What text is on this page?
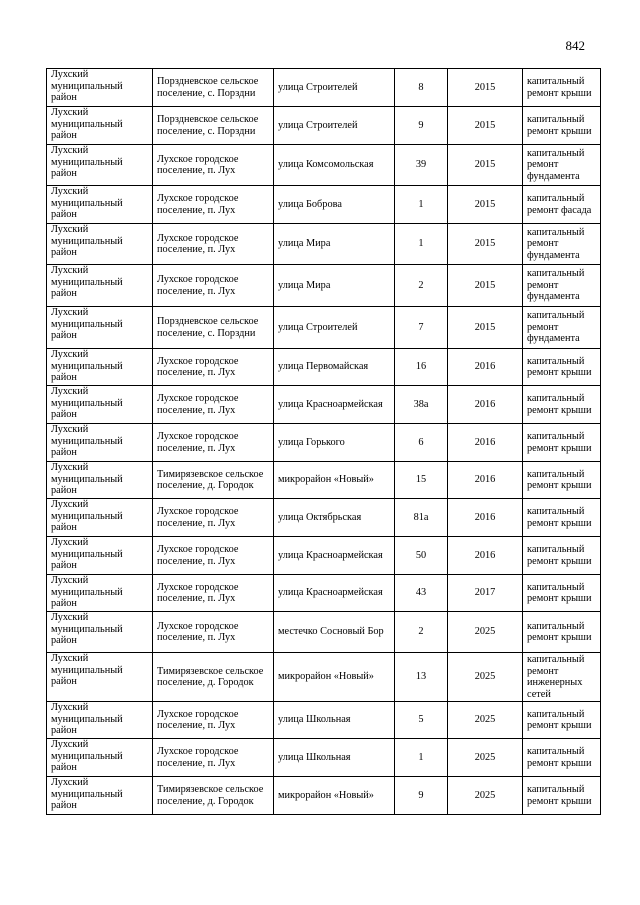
842
Лухский муниципальный район	Порздневское сельское поселение, с. Порздни	улица Строителей	8	2015	капитальный ремонт крыши
Лухский муниципальный район	Порздневское сельское поселение, с. Порздни	улица Строителей	9	2015	капитальный ремонт крыши
Лухский муниципальный район	Лухское городское поселение, п. Лух	улица Комсомольская	39	2015	капитальный ремонт фундамента
Лухский муниципальный район	Лухское городское поселение, п. Лух	улица Боброва	1	2015	капитальный ремонт фасада
Лухский муниципальный район	Лухское городское поселение, п. Лух	улица Мира	1	2015	капитальный ремонт фундамента
Лухский муниципальный район	Лухское городское поселение, п. Лух	улица Мира	2	2015	капитальный ремонт фундамента
Лухский муниципальный район	Порздневское сельское поселение, с. Порздни	улица Строителей	7	2015	капитальный ремонт фундамента
Лухский муниципальный район	Лухское городское поселение, п. Лух	улица Первомайская	16	2016	капитальный ремонт крыши
Лухский муниципальный район	Лухское городское поселение, п. Лух	улица Красноармейская	38а	2016	капитальный ремонт крыши
Лухский муниципальный район	Лухское городское поселение, п. Лух	улица Горького	6	2016	капитальный ремонт крыши
Лухский муниципальный район	Тимирязевское сельское поселение, д. Городок	микрорайон «Новый»	15	2016	капитальный ремонт крыши
Лухский муниципальный район	Лухское городское поселение, п. Лух	улица Октябрьская	81а	2016	капитальный ремонт крыши
Лухский муниципальный район	Лухское городское поселение, п. Лух	улица Красноармейская	50	2016	капитальный ремонт крыши
Лухский муниципальный район	Лухское городское поселение, п. Лух	улица Красноармейская	43	2017	капитальный ремонт крыши
Лухский муниципальный район	Лухское городское поселение, п. Лух	местечко Сосновый Бор	2	2025	капитальный ремонт крыши
Лухский муниципальный район	Тимирязевское сельское поселение, д. Городок	микрорайон «Новый»	13	2025	капитальный ремонт инженерных сетей
Лухский муниципальный район	Лухское городское поселение, п. Лух	улица Школьная	5	2025	капитальный ремонт крыши
Лухский муниципальный район	Лухское городское поселение, п. Лух	улица Школьная	1	2025	капитальный ремонт крыши
Лухский муниципальный район	Тимирязевское сельское поселение, д. Городок	микрорайон «Новый»	9	2025	капитальный ремонт крыши
